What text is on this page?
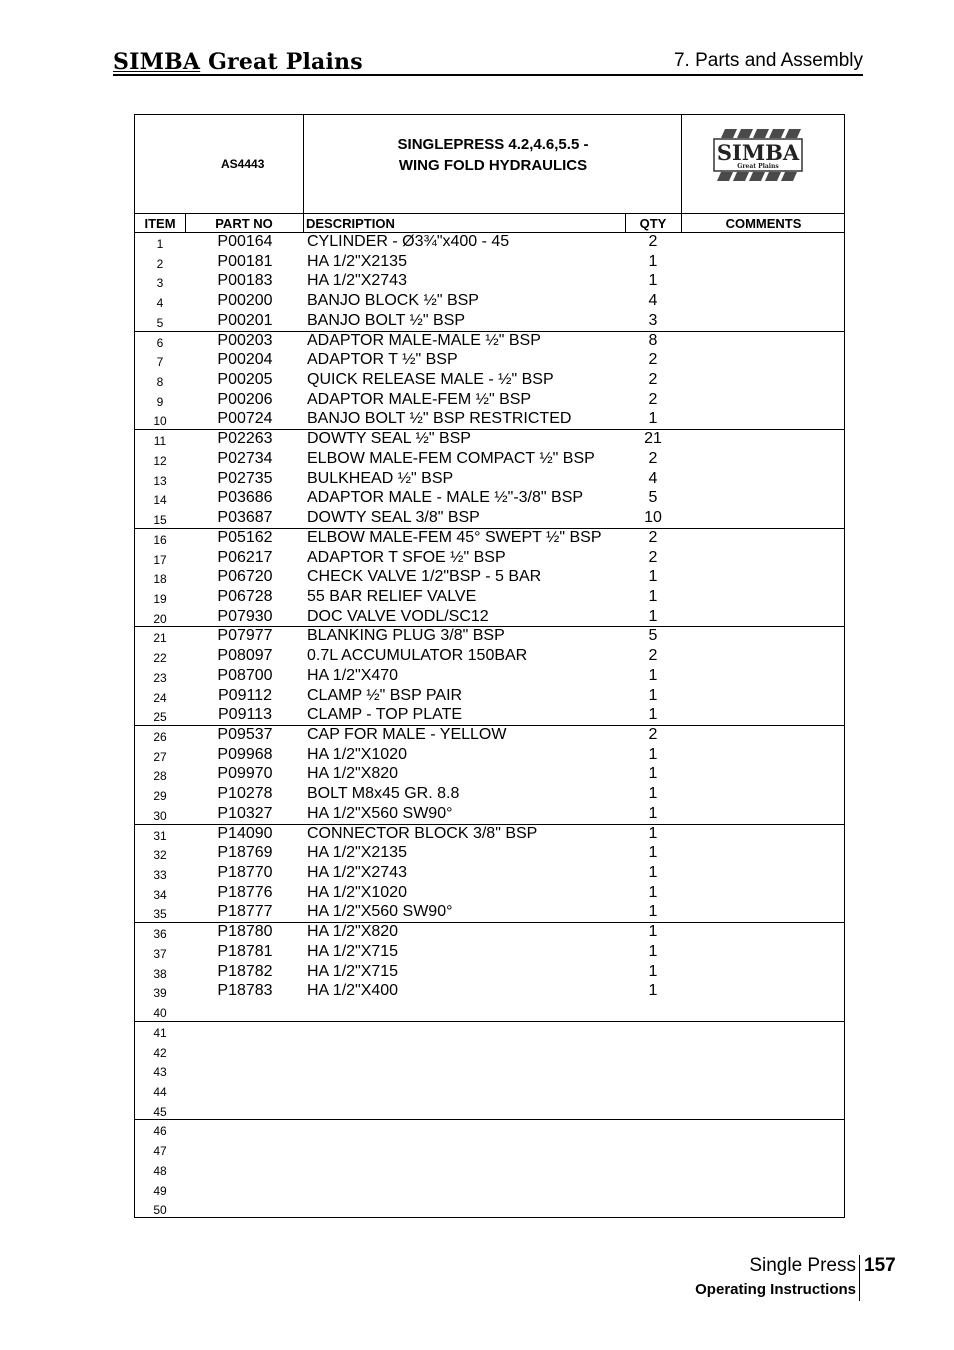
SIMBA Great Plains	7. Parts and Assembly
AS4443
SINGLEPRESS 4.2,4.6,5.5 -
WING FOLD HYDRAULICS
SIMBA
Great Plains
ITEM	PART NO	DESCRIPTION	QTY	COMMENTS
1	P00164	CYLINDER - Ø3¾"x400 - 45	2
2	P00181	HA 1/2"X2135	1
3	P00183	HA 1/2"X2743	1
4	P00200	BANJO BLOCK ½" BSP	4
5	P00201	BANJO BOLT ½" BSP	3
6	P00203	ADAPTOR MALE-MALE ½" BSP	8
7	P00204	ADAPTOR T ½" BSP	2
8	P00205	QUICK RELEASE MALE - ½" BSP	2
9	P00206	ADAPTOR MALE-FEM ½" BSP	2
10	P00724	BANJO BOLT ½" BSP RESTRICTED	1
11	P02263	DOWTY SEAL ½" BSP	21
12	P02734	ELBOW MALE-FEM COMPACT ½" BSP	2
13	P02735	BULKHEAD ½" BSP	4
14	P03686	ADAPTOR MALE - MALE ½"-3/8" BSP	5
15	P03687	DOWTY SEAL 3/8" BSP	10
16	P05162	ELBOW MALE-FEM 45° SWEPT ½" BSP	2
17	P06217	ADAPTOR T SFOE ½" BSP	2
18	P06720	CHECK VALVE 1/2"BSP - 5 BAR	1
19	P06728	55 BAR RELIEF VALVE	1
20	P07930	DOC VALVE VODL/SC12	1
21	P07977	BLANKING PLUG 3/8" BSP	5
22	P08097	0.7L ACCUMULATOR 150BAR	2
23	P08700	HA 1/2"X470	1
24	P09112	CLAMP ½" BSP PAIR	1
25	P09113	CLAMP - TOP PLATE	1
26	P09537	CAP FOR MALE - YELLOW	2
27	P09968	HA 1/2"X1020	1
28	P09970	HA 1/2"X820	1
29	P10278	BOLT M8x45 GR. 8.8	1
30	P10327	HA 1/2"X560 SW90°	1
31	P14090	CONNECTOR BLOCK 3/8" BSP	1
32	P18769	HA 1/2"X2135	1
33	P18770	HA 1/2"X2743	1
34	P18776	HA 1/2"X1020	1
35	P18777	HA 1/2"X560 SW90°	1
36	P18780	HA 1/2"X820	1
37	P18781	HA 1/2"X715	1
38	P18782	HA 1/2"X715	1
39	P18783	HA 1/2"X400	1
40
41
42
43
44
45
46
47
48
49
50
Single Press 157
Operating Instructions
